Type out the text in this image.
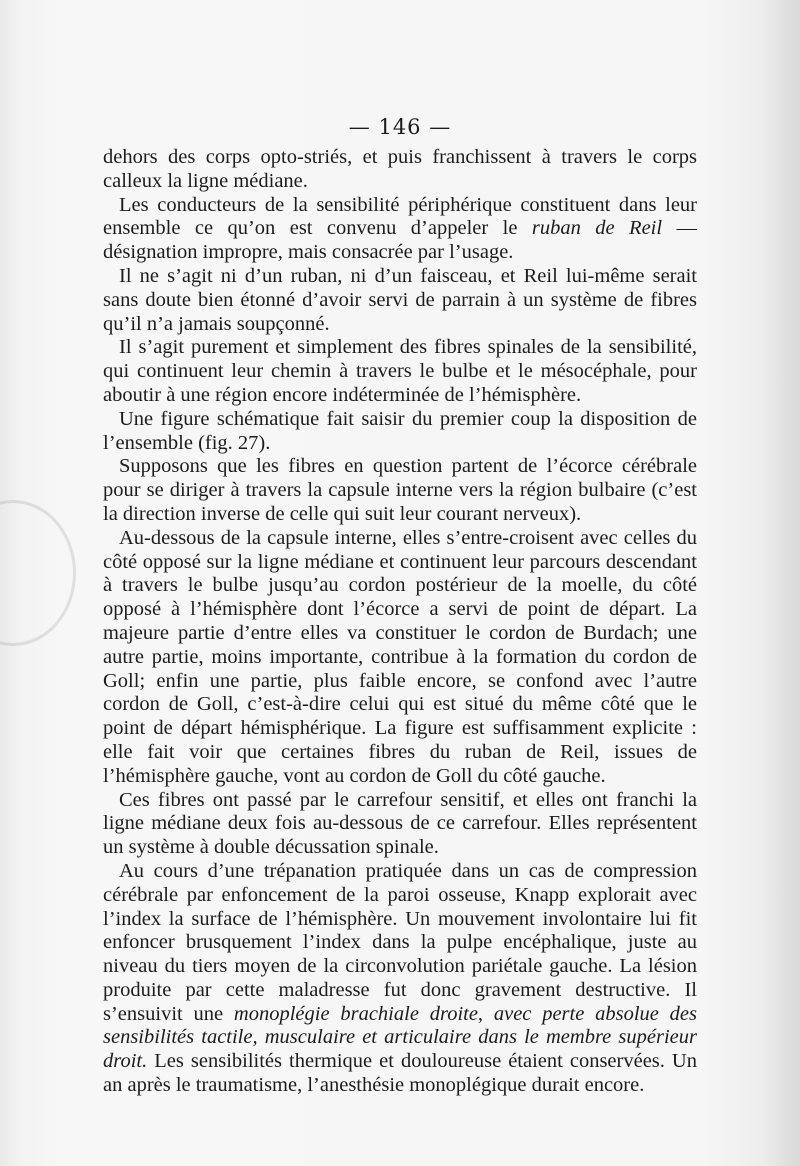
— 146 —

dehors des corps opto-striés, et puis franchissent à travers le corps calleux la ligne médiane.

Les conducteurs de la sensibilité périphérique constituent dans leur ensemble ce qu’on est convenu d’appeler le ruban de Reil — désignation impropre, mais consacrée par l’usage.

Il ne s’agit ni d’un ruban, ni d’un faisceau, et Reil lui-même serait sans doute bien étonné d’avoir servi de parrain à un système de fibres qu’il n’a jamais soupçonné.

Il s’agit purement et simplement des fibres spinales de la sensibilité, qui continuent leur chemin à travers le bulbe et le mésocéphale, pour aboutir à une région encore indéterminée de l’hémisphère.

Une figure schématique fait saisir du premier coup la disposition de l’ensemble (fig. 27).

Supposons que les fibres en question partent de l’écorce cérébrale pour se diriger à travers la capsule interne vers la région bulbaire (c’est la direction inverse de celle qui suit leur courant nerveux).

Au-dessous de la capsule interne, elles s’entre-croisent avec celles du côté opposé sur la ligne médiane et continuent leur parcours descendant à travers le bulbe jusqu’au cordon postérieur de la moelle, du côté opposé à l’hémisphère dont l’écorce a servi de point de départ. La majeure partie d’entre elles va constituer le cordon de Burdach; une autre partie, moins importante, contribue à la formation du cordon de Goll; enfin une partie, plus faible encore, se confond avec l’autre cordon de Goll, c’est-à-dire celui qui est situé du même côté que le point de départ hémisphérique. La figure est suffisamment explicite : elle fait voir que certaines fibres du ruban de Reil, issues de l’hémisphère gauche, vont au cordon de Goll du côté gauche.

Ces fibres ont passé par le carrefour sensitif, et elles ont franchi la ligne médiane deux fois au-dessous de ce carrefour. Elles représentent un système à double décussation spinale.

Au cours d’une trépanation pratiquée dans un cas de compression cérébrale par enfoncement de la paroi osseuse, Knapp explorait avec l’index la surface de l’hémisphère. Un mouvement involontaire lui fit enfoncer brusquement l’index dans la pulpe encéphalique, juste au niveau du tiers moyen de la circonvolution pariétale gauche. La lésion produite par cette maladresse fut donc gravement destructive. Il s’ensuivit une monoplégie brachiale droite, avec perte absolue des sensibilités tactile, musculaire et articulaire dans le membre supérieur droit. Les sensibilités thermique et douloureuse étaient conservées. Un an après le traumatisme, l’anesthésie monoplégique durait encore.
